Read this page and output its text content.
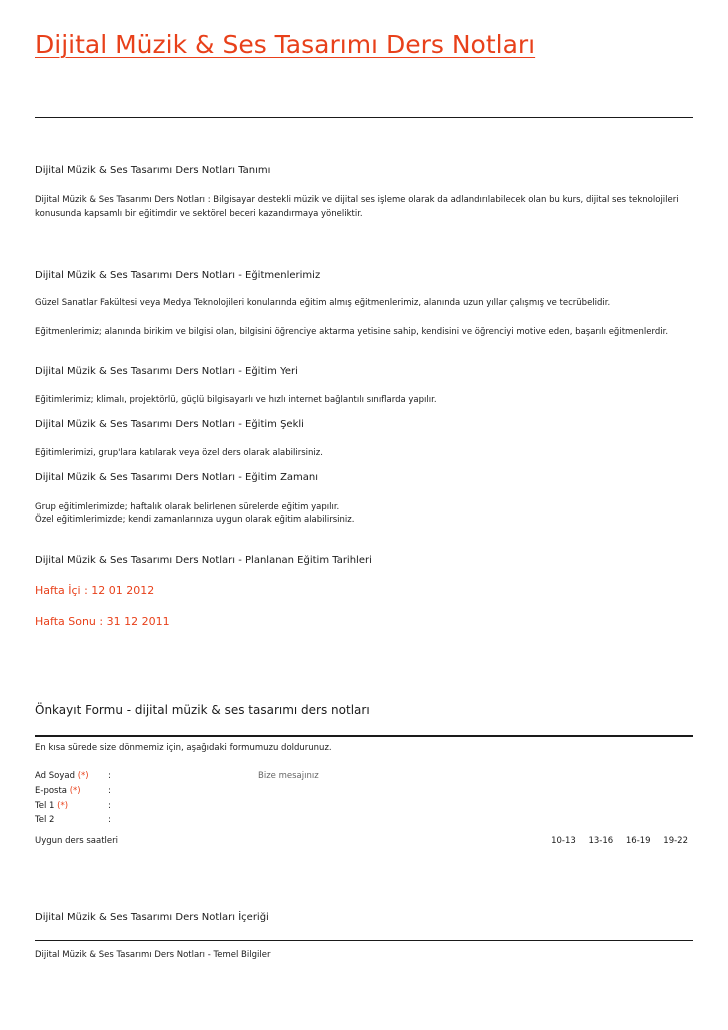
Dijital Müzik & Ses Tasarımı Ders Notları
Dijital Müzik & Ses Tasarımı Ders Notları Tanımı
Dijital Müzik & Ses Tasarımı Ders Notları : Bilgisayar destekli müzik ve dijital ses işleme olarak da adlandırılabilecek olan bu kurs, dijital ses teknolojileri konusunda kapsamlı bir eğitimdir ve sektörel beceri kazandırmaya yöneliktir.
Dijital Müzik & Ses Tasarımı Ders Notları - Eğitmenlerimiz
Güzel Sanatlar Fakültesi veya Medya Teknolojileri konularında eğitim almış eğitmenlerimiz, alanında uzun yıllar çalışmış ve tecrübelidir.
Eğitmenlerimiz; alanında birikim ve bilgisi olan, bilgisini öğrenciye aktarma yetisine sahip, kendisini ve öğrenciyi motive eden, başarılı eğitmenlerdir.
Dijital Müzik & Ses Tasarımı Ders Notları - Eğitim Yeri
Eğitimlerimiz; klimalı, projektörlü, güçlü bilgisayarlı ve hızlı internet bağlantılı sınıflarda yapılır.
Dijital Müzik & Ses Tasarımı Ders Notları - Eğitim Şekli
Eğitimlerimizi, grup'lara katılarak veya özel ders olarak alabilirsiniz.
Dijital Müzik & Ses Tasarımı Ders Notları - Eğitim Zamanı
Grup eğitimlerimizde; haftalık olarak belirlenen sürelerde eğitim yapılır.
Özel eğitimlerimizde; kendi zamanlarınıza uygun olarak eğitim alabilirsiniz.
Dijital Müzik & Ses Tasarımı Ders Notları - Planlanan Eğitim Tarihleri
Hafta İçi : 12 01 2012
Hafta Sonu : 31 12 2011
Önkayıt Formu - dijital müzik & ses tasarımı ders notları
En kısa sürede size dönmemiz için, aşağıdaki formumuzu doldurunuz.
Ad Soyad (*) :	Bize mesajınız
E-posta (*)	:
Tel 1 (*)	:
Tel 2	:
Uygun ders saatleri	10-13 13-16 16-19 19-22
Dijital Müzik & Ses Tasarımı Ders Notları İçeriği
Dijital Müzik & Ses Tasarımı Ders Notları - Temel Bilgiler
